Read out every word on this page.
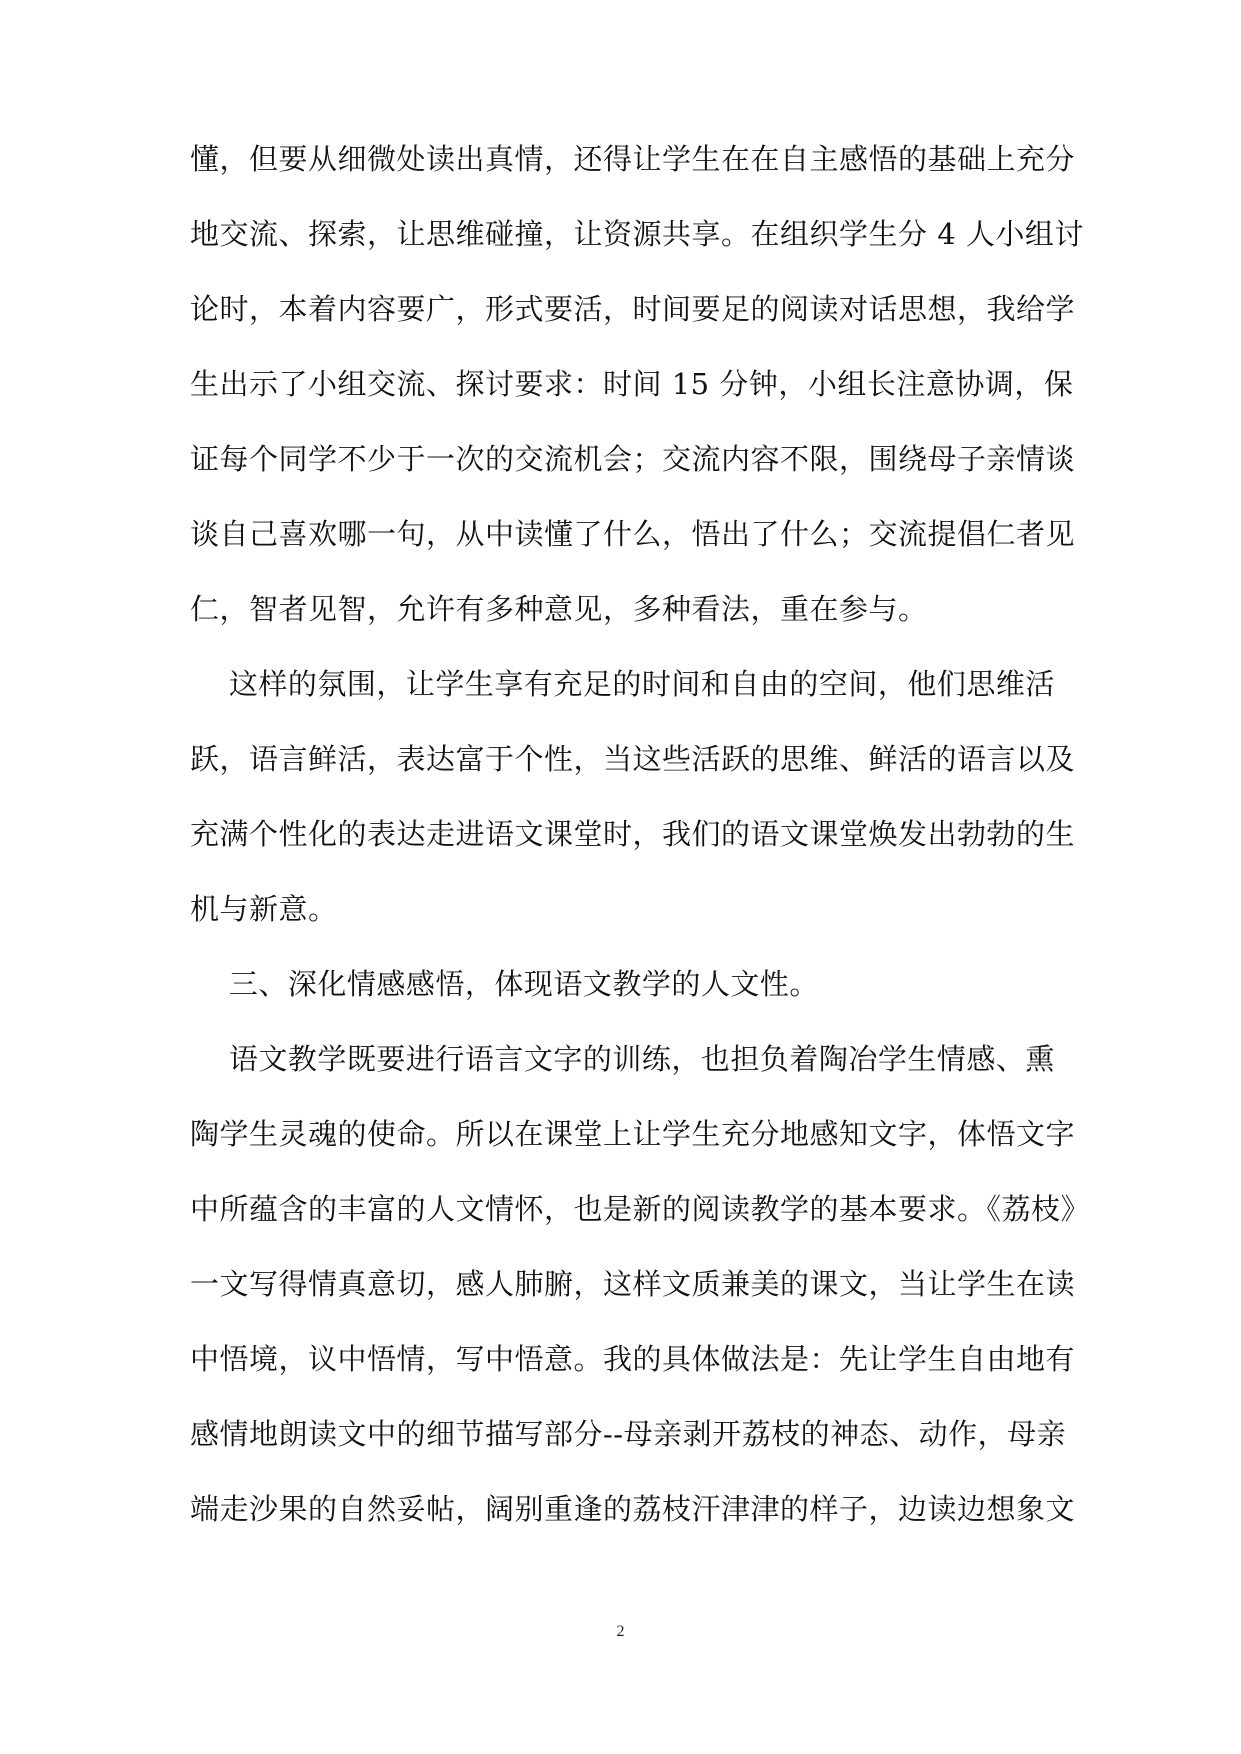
懂，但要从细微处读出真情，还得让学生在在自主感悟的基础上充分
地交流、探索，让思维碰撞，让资源共享。在组织学生分 4 人小组讨
论时，本着内容要广，形式要活，时间要足的阅读对话思想，我给学
生出示了小组交流、探讨要求：时间 15 分钟，小组长注意协调，保
证每个同学不少于一次的交流机会；交流内容不限，围绕母子亲情谈
谈自己喜欢哪一句，从中读懂了什么，悟出了什么；交流提倡仁者见
仁，智者见智，允许有多种意见，多种看法，重在参与。
这样的氛围，让学生享有充足的时间和自由的空间，他们思维活
跃，语言鲜活，表达富于个性，当这些活跃的思维、鲜活的语言以及
充满个性化的表达走进语文课堂时，我们的语文课堂焕发出勃勃的生
机与新意。
三、深化情感感悟，体现语文教学的人文性。
语文教学既要进行语言文字的训练，也担负着陶冶学生情感、熏
陶学生灵魂的使命。所以在课堂上让学生充分地感知文字，体悟文字
中所蕴含的丰富的人文情怀，也是新的阅读教学的基本要求。《荔枝》
一文写得情真意切，感人肺腑，这样文质兼美的课文，当让学生在读
中悟境，议中悟情，写中悟意。我的具体做法是：先让学生自由地有
感情地朗读文中的细节描写部分--母亲剥开荔枝的神态、动作，母亲
端走沙果的自然妥帖，阔别重逢的荔枝汗津津的样子，边读边想象文
2
